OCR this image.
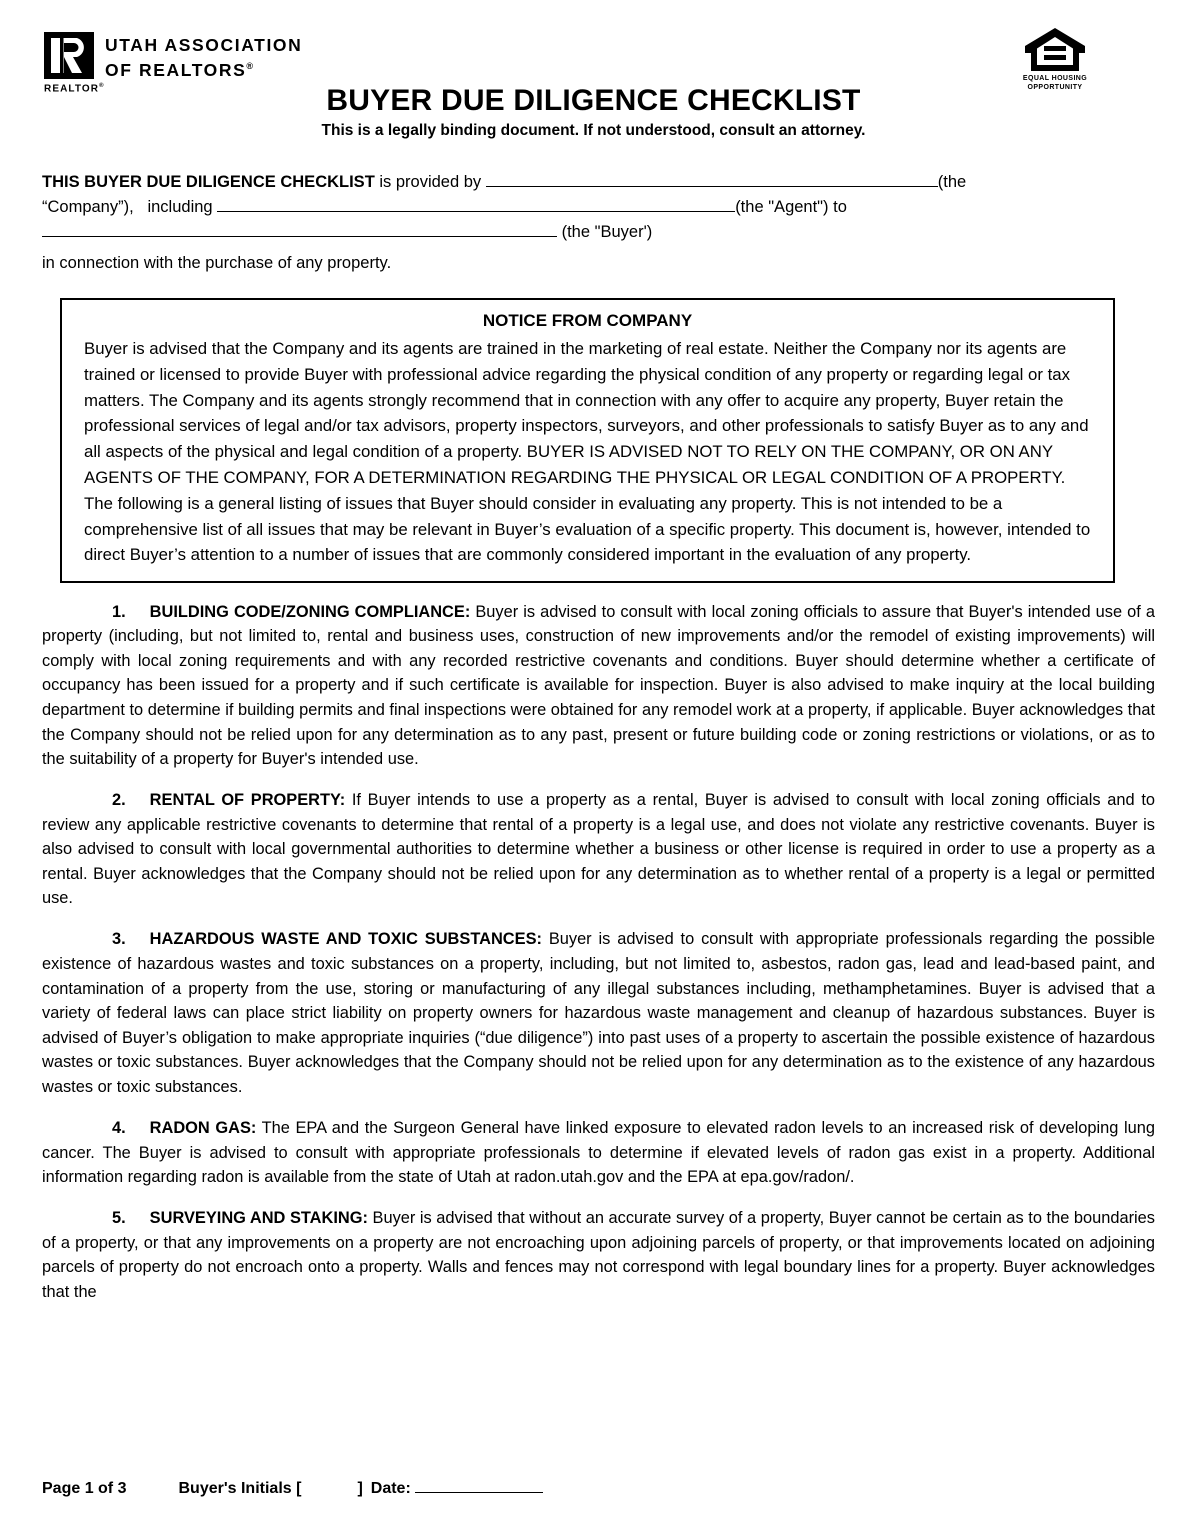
REALTOR®
UTAH ASSOCIATION
OF REALTORS®
EQUAL HOUSING
OPPORTUNITY
BUYER DUE DILIGENCE CHECKLIST
This is a legally binding document. If not understood, consult an attorney.
THIS BUYER DUE DILIGENCE CHECKLIST is provided by	(the
“Company”), including	(the "Agent") to
(the "Buyer')
in connection with the purchase of any property.
NOTICE FROM COMPANY
Buyer is advised that the Company and its agents are trained in the marketing of real estate. Neither the Company nor its agents are trained or licensed to provide Buyer with professional advice regarding the physical condition of any property or regarding legal or tax matters. The Company and its agents strongly recommend that in connection with any offer to acquire any property, Buyer retain the professional services of legal and/or tax advisors, property inspectors, surveyors, and other professionals to satisfy Buyer as to any and all aspects of the physical and legal condition of a property. BUYER IS ADVISED NOT TO RELY ON THE COMPANY, OR ON ANY AGENTS OF THE COMPANY, FOR A DETERMINATION REGARDING THE PHYSICAL OR LEGAL CONDITION OF A PROPERTY. The following is a general listing of issues that Buyer should consider in evaluating any property. This is not intended to be a comprehensive list of all issues that may be relevant in Buyer’s evaluation of a specific property. This document is, however, intended to direct Buyer’s attention to a number of issues that are commonly considered important in the evaluation of any property.

1. BUILDING CODE/ZONING COMPLIANCE: Buyer is advised to consult with local zoning officials to assure that Buyer's intended use of a property (including, but not limited to, rental and business uses, construction of new improvements and/or the remodel of existing improvements) will comply with local zoning requirements and with any recorded restrictive covenants and conditions. Buyer should determine whether a certificate of occupancy has been issued for a property and if such certificate is available for inspection. Buyer is also advised to make inquiry at the local building department to determine if building permits and final inspections were obtained for any remodel work at a property, if applicable. Buyer acknowledges that the Company should not be relied upon for any determination as to any past, present or future building code or zoning restrictions or violations, or as to the suitability of a property for Buyer's intended use.

2. RENTAL OF PROPERTY: If Buyer intends to use a property as a rental, Buyer is advised to consult with local zoning officials and to review any applicable restrictive covenants to determine that rental of a property is a legal use, and does not violate any restrictive covenants. Buyer is also advised to consult with local governmental authorities to determine whether a business or other license is required in order to use a property as a rental. Buyer acknowledges that the Company should not be relied upon for any determination as to whether rental of a property is a legal or permitted use.

3. HAZARDOUS WASTE AND TOXIC SUBSTANCES: Buyer is advised to consult with appropriate professionals regarding the possible existence of hazardous wastes and toxic substances on a property, including, but not limited to, asbestos, radon gas, lead and lead-based paint, and contamination of a property from the use, storing or manufacturing of any illegal substances including, methamphetamines. Buyer is advised that a variety of federal laws can place strict liability on property owners for hazardous waste management and cleanup of hazardous substances. Buyer is advised of Buyer’s obligation to make appropriate inquiries (“due diligence”) into past uses of a property to ascertain the possible existence of hazardous wastes or toxic substances. Buyer acknowledges that the Company should not be relied upon for any determination as to the existence of any hazardous wastes or toxic substances.

4. RADON GAS: The EPA and the Surgeon General have linked exposure to elevated radon levels to an increased risk of developing lung cancer. The Buyer is advised to consult with appropriate professionals to determine if elevated levels of radon gas exist in a property. Additional information regarding radon is available from the state of Utah at radon.utah.gov and the EPA at epa.gov/radon/.

5. SURVEYING AND STAKING: Buyer is advised that without an accurate survey of a property, Buyer cannot be certain as to the boundaries of a property, or that any improvements on a property are not encroaching upon adjoining parcels of property, or that improvements located on adjoining parcels of property do not encroach onto a property. Walls and fences may not correspond with legal boundary lines for a property. Buyer acknowledges that the

Page 1 of 3	Buyer's Initials [	] Date:
